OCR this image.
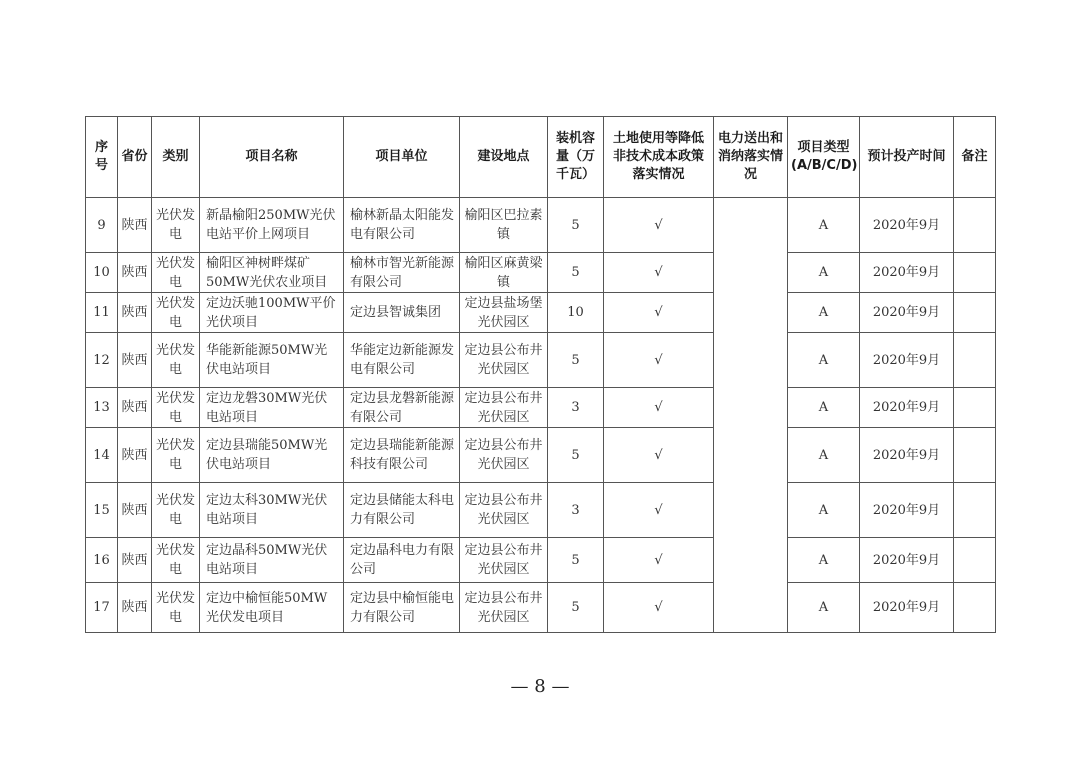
序号	省份	类别	项目名称	项目单位	建设地点	装机容量（万千瓦）	土地使用等降低非技术成本政策落实情况	电力送出和消纳落实情况	项目类型(A/B/C/D)	预计投产时间	备注
9	陕西	光伏发电	新晶榆阳250MW光伏电站平价上网项目	榆林新晶太阳能发电有限公司	榆阳区巴拉素镇	5	√		A	2020年9月	
10	陕西	光伏发电	榆阳区神树畔煤矿50MW光伏农业项目	榆林市智光新能源有限公司	榆阳区麻黄梁镇	5	√		A	2020年9月	
11	陕西	光伏发电	定边沃驰100MW平价光伏项目	定边县智诚集团	定边县盐场堡光伏园区	10	√		A	2020年9月	
12	陕西	光伏发电	华能新能源50MW光伏电站项目	华能定边新能源发电有限公司	定边县公布井光伏园区	5	√		A	2020年9月	
13	陕西	光伏发电	定边龙磐30MW光伏电站项目	定边县龙磐新能源有限公司	定边县公布井光伏园区	3	√		A	2020年9月	
14	陕西	光伏发电	定边县瑞能50MW光伏电站项目	定边县瑞能新能源科技有限公司	定边县公布井光伏园区	5	√		A	2020年9月	
15	陕西	光伏发电	定边太科30MW光伏电站项目	定边县储能太科电力有限公司	定边县公布井光伏园区	3	√		A	2020年9月	
16	陕西	光伏发电	定边晶科50MW光伏电站项目	定边晶科电力有限公司	定边县公布井光伏园区	5	√		A	2020年9月	
17	陕西	光伏发电	定边中榆恒能50MW光伏发电项目	定边县中榆恒能电力有限公司	定边县公布井光伏园区	5	√		A	2020年9月	
— 8 —
